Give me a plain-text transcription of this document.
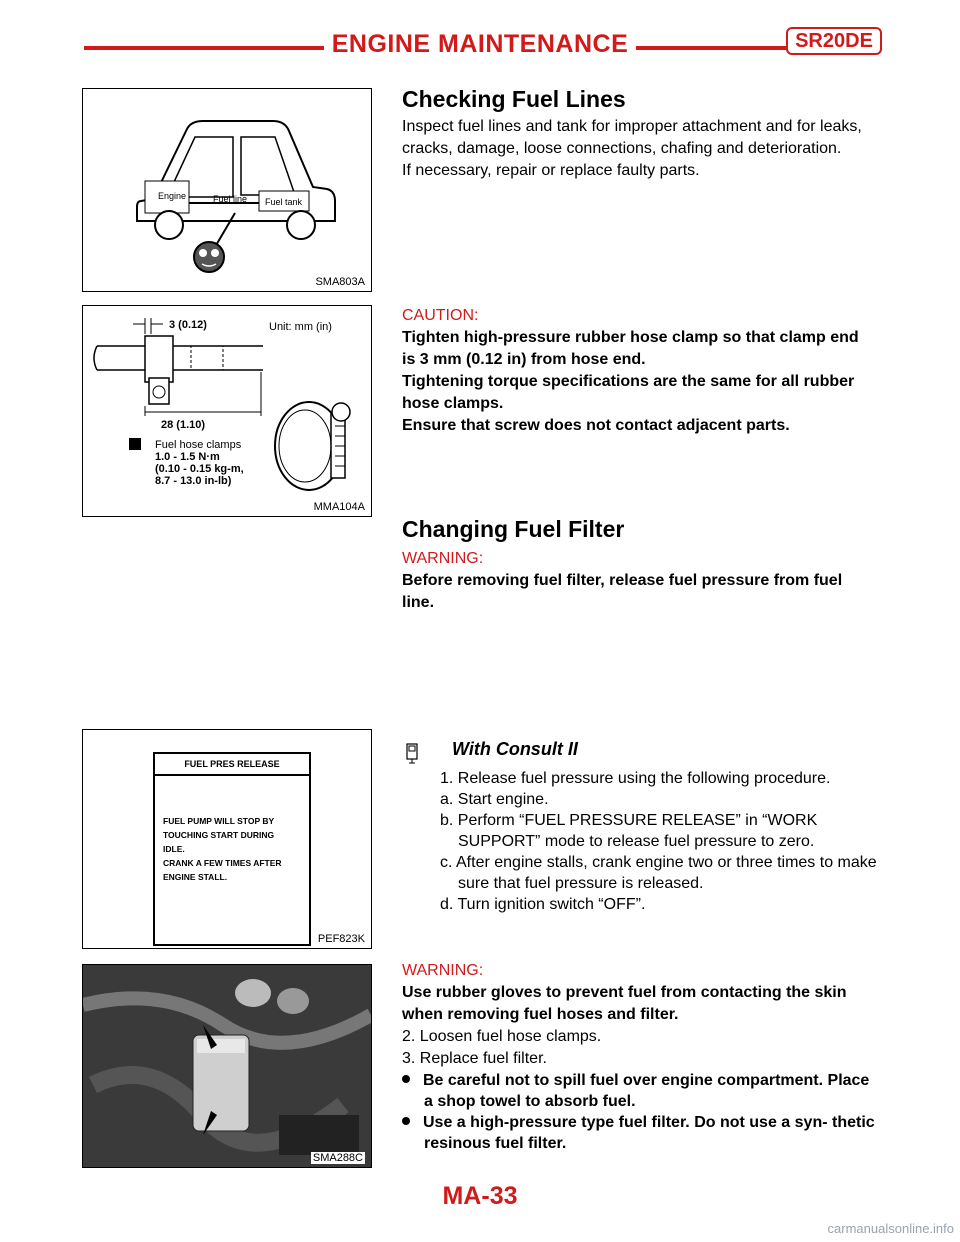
ENGINE MAINTENANCE	SR20DE
Engine	Fuel line Fuel tank
SMA803A
Checking Fuel Lines

Inspect fuel lines and tank for improper attachment and for leaks,

cracks, damage, loose connections, chafing and deterioration.

If necessary, repair or replace faulty parts.

3 (0.12)	Unit: mm (in)
28 (1.10)
Fuel hose clamps
1.0 - 1.5 N·m
(0.10 - 0.15 kg-m,
8.7 - 13.0 in-lb)
MMA104A

CAUTION:

Tighten high-pressure rubber hose clamp so that clamp end

is 3 mm (0.12 in) from hose end.

Tightening torque specifications are the same for all rubber

hose clamps.

Ensure that screw does not contact adjacent parts.

Changing Fuel Filter

WARNING:

Before removing fuel filter, release fuel pressure from fuel

line.

FUEL PRES RELEASE
FUEL PUMP WILL STOP BY
TOUCHING START DURING
IDLE.
CRANK A FEW TIMES AFTER
ENGINE STALL.
PEF823K
With Consult II

1. Release fuel pressure using the following procedure.

a. Start engine.

b. Perform “FUEL PRESSURE RELEASE” in “WORK SUPPORT” mode to release fuel pressure to zero.

c. After engine stalls, crank engine two or three times to make sure that fuel pressure is released.

d. Turn ignition switch “OFF”.

SMA288C

WARNING:

Use rubber gloves to prevent fuel from contacting the skin

when removing fuel hoses and filter.

2. Loosen fuel hose clamps.

3. Replace fuel filter.

Be careful not to spill fuel over engine compartment. Place a shop towel to absorb fuel.

Use a high-pressure type fuel filter. Do not use a syn- thetic resinous fuel filter.

MA-33
carmanualsonline.info
